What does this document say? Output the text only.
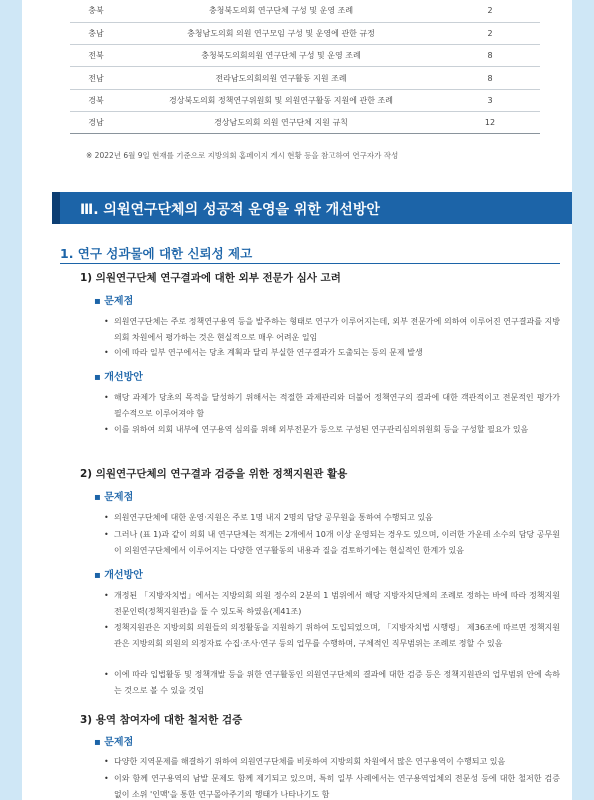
충북	충청북도의회 연구단체 구성 및 운영 조례	2
충남	충청남도의회 의원 연구모임 구성 및 운영에 관한 규정	2
전북	충청북도의회의원 연구단체 구성 및 운영 조례	8
전남	전라남도의회의원 연구활동 지원 조례	8
경북	경상북도의회 정책연구위원회 및 의원연구활동 지원에 관한 조례	3
경남	경상남도의회 의원 연구단체 지원 규칙	12
※ 2022년 6월 9일 현재를 기준으로 지방의회 홈페이지 게시 현황 등을 참고하여 연구자가 작성
Ⅲ. 의원연구단체의 성공적 운영을 위한 개선방안
1. 연구 성과물에 대한 신뢰성 제고
1) 의원연구단체 연구결과에 대한 외부 전문가 심사 고려
▪ 문제점
• 의원연구단체는 주로 정책연구용역 등을 발주하는 형태로 연구가 이루어지는데, 외부 전문가에 의하여 이루어진 연구결과를 지방의회 차원에서 평가하는 것은 현실적으로 매우 어려운 일임
• 이에 따라 일부 연구에서는 당초 계획과 달리 부실한 연구결과가 도출되는 등의 문제 발생
▪ 개선방안
• 해당 과제가 당초의 목적을 달성하기 위해서는 적절한 과제관리와 더불어 정책연구의 결과에 대한 객관적이고 전문적인 평가가 필수적으로 이루어져야 함
• 이를 위하여 의회 내부에 연구용역 심의를 위해 외부전문가 등으로 구성된 연구관리심의위원회 등을 구성할 필요가 있음
2) 의원연구단체의 연구결과 검증을 위한 정책지원관 활용
▪ 문제점
• 의원연구단체에 대한 운영·지원은 주로 1명 내지 2명의 담당 공무원을 통하여 수행되고 있음
• 그러나 (표 1)과 같이 의회 내 연구단체는 적게는 2개에서 10개 이상 운영되는 경우도 있으며, 이러한 가운데 소수의 담당 공무원이 의원연구단체에서 이루어지는 다양한 연구활동의 내용과 질을 검토하기에는 현실적인 한계가 있음
▪ 개선방안
• 개정된 「지방자치법」에서는 지방의회 의원 정수의 2분의 1 범위에서 해당 지방자치단체의 조례로 정하는 바에 따라 정책지원 전문인력(정책지원관)을 둘 수 있도록 하였음(제41조)
• 정책지원관은 지방의회 의원들의 의정활동을 지원하기 위하여 도입되었으며, 「지방자치법 시행령」 제36조에 따르면 정책지원관은 지방의회 의원의 의정자료 수집·조사·연구 등의 업무를 수행하며, 구체적인 직무범위는 조례로 정할 수 있음
• 이에 따라 입법활동 및 정책개발 등을 위한 연구활동인 의원연구단체의 결과에 대한 검증 등은 정책지원관의 업무범위 안에 속하는 것으로 볼 수 있을 것임
3) 용역 참여자에 대한 철저한 검증
▪ 문제점
• 다양한 지역문제를 해결하기 위하여 의원연구단체를 비롯하여 지방의회 차원에서 많은 연구용역이 수행되고 있음
• 이와 함께 연구용역의 남발 문제도 함께 제기되고 있으며, 특히 일부 사례에서는 연구용역업체의 전문성 등에 대한 철저한 검증 없이 소위 '인맥'을 통한 연구몰아주기의 행태가 나타나기도 함
